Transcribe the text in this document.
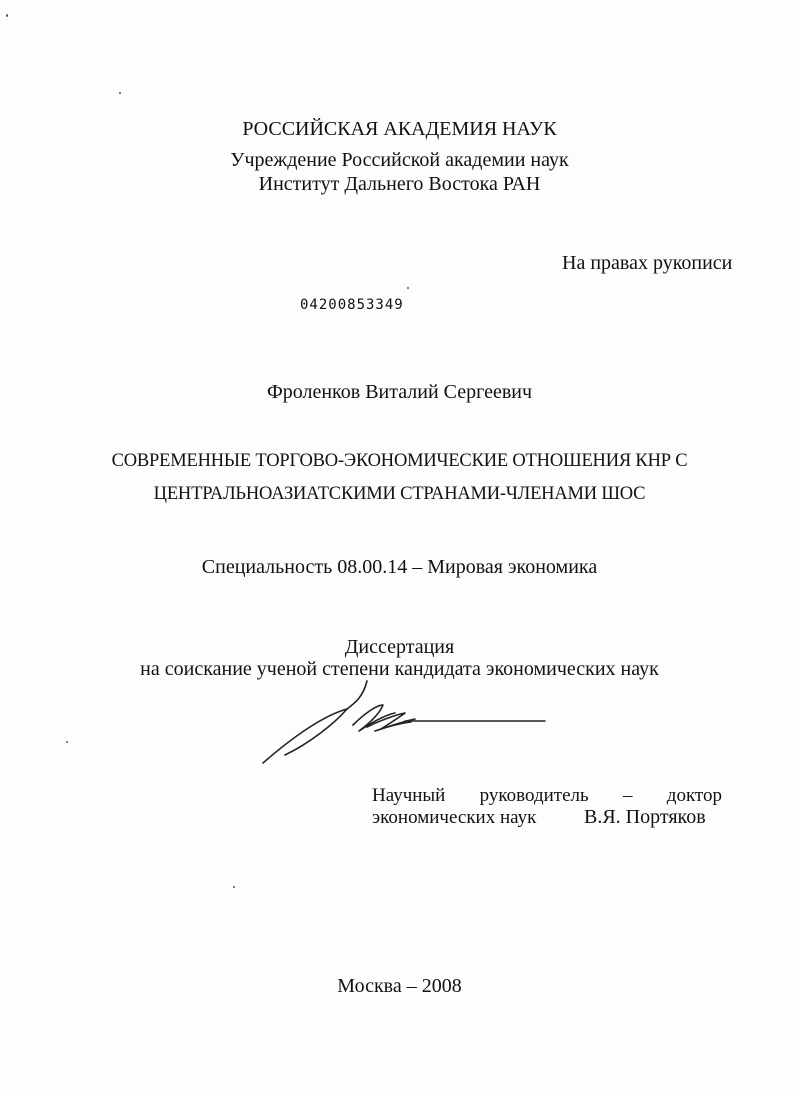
РОССИЙСКАЯ АКАДЕМИЯ НАУК
Учреждение Российской академии наук
Институт Дальнего Востока РАН
На правах рукописи
04200853349
Фроленков Виталий Сергеевич
СОВРЕМЕННЫЕ ТОРГОВО-ЭКОНОМИЧЕСКИЕ ОТНОШЕНИЯ КНР С
ЦЕНТРАЛЬНОАЗИАТСКИМИ СТРАНАМИ-ЧЛЕНАМИ ШОС
Специальность 08.00.14 – Мировая экономика
Диссертация
на соискание ученой степени кандидата экономических наук
Научный руководитель – доктор
экономических наук В.Я. Портяков
Москва – 2008
